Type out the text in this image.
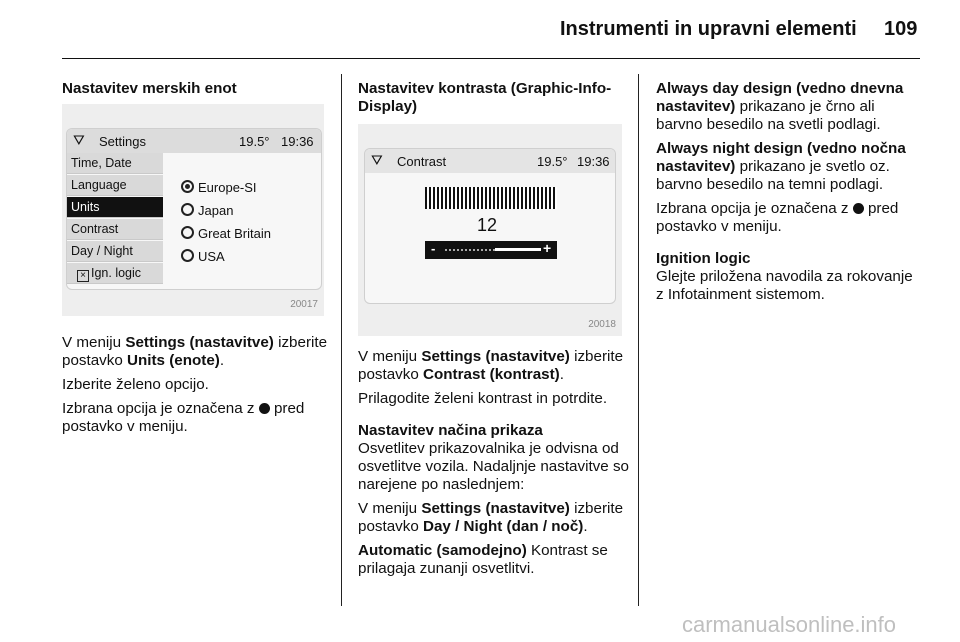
Instrumenti in upravni elementi 109
Nastavitev merskih enot
⛛ Settings	19.5° 19:36
Time, Date
Language
Units
Contrast
Day / Night
× Ign. logic
Europe-SI
Japan
Great Britain
USA
20017

V meniju Settings (nastavitve) izberite postavko Units (enote).

Izberite želeno opcijo.

Izbrana opcija je označena z  pred postavko v meniju.

Nastavitev kontrasta (Graphic-Info-Display)
⛛ Contrast	19.5° 19:36
12
-	+
20018

V meniju Settings (nastavitve) izberite postavko Contrast (kontrast).

Prilagodite želeni kontrast in potrdite.

Nastavitev načina prikaza

Osvetlitev prikazovalnika je odvisna od osvetlitve vozila. Nadaljnje nastavitve so narejene po naslednjem:

V meniju Settings (nastavitve) izberite postavko Day / Night (dan / noč).

Automatic (samodejno) Kontrast se prilagaja zunanji osvetlitvi.

Always day design (vedno dnevna nastavitev) prikazano je črno ali barvno besedilo na svetli podlagi.

Always night design (vedno nočna nastavitev) prikazano je svetlo oz. barvno besedilo na temni podlagi.

Izbrana opcija je označena z  pred postavko v meniju.

Ignition logic

Glejte priložena navodila za rokovanje z Infotainment sistemom.

carmanualsonline.info
